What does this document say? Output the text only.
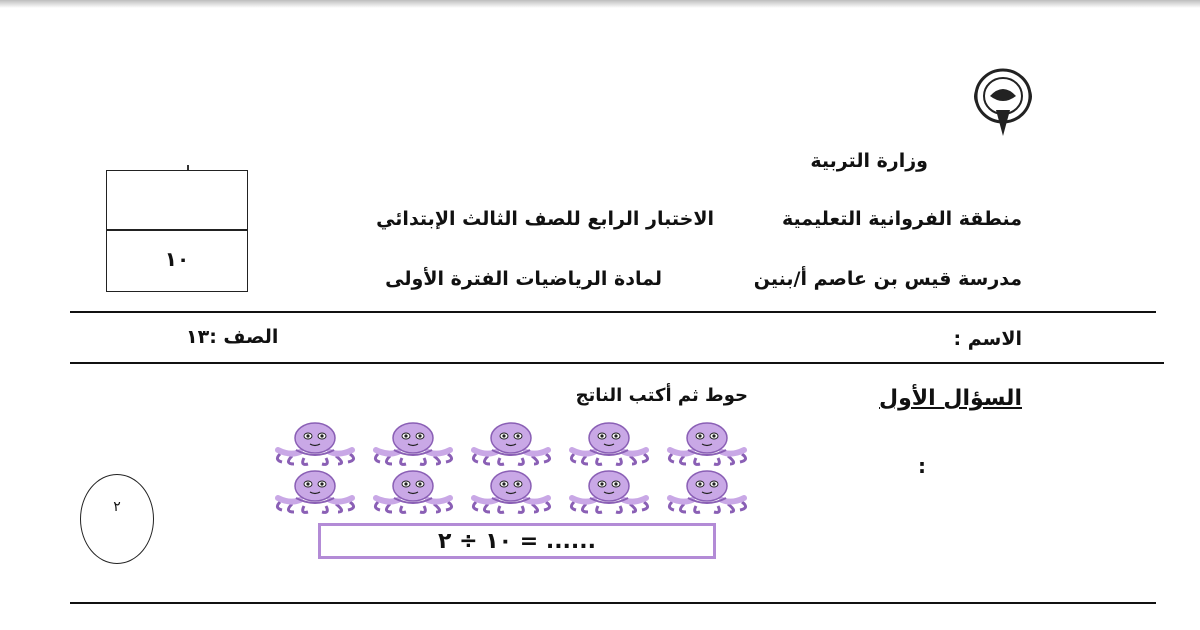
وزارة التربية
منطقة الفروانية التعليمية
مدرسة قيس بن عاصم أ/بنين
الاختبار الرابع للصف الثالث الإبتدائي
لمادة الرياضيات الفترة الأولى
١٠
الاسم :
الصف :١٣
السؤال الأول
:
حوط ثم أكتب الناتج
٢
١٠ ÷ ٢ = ......
